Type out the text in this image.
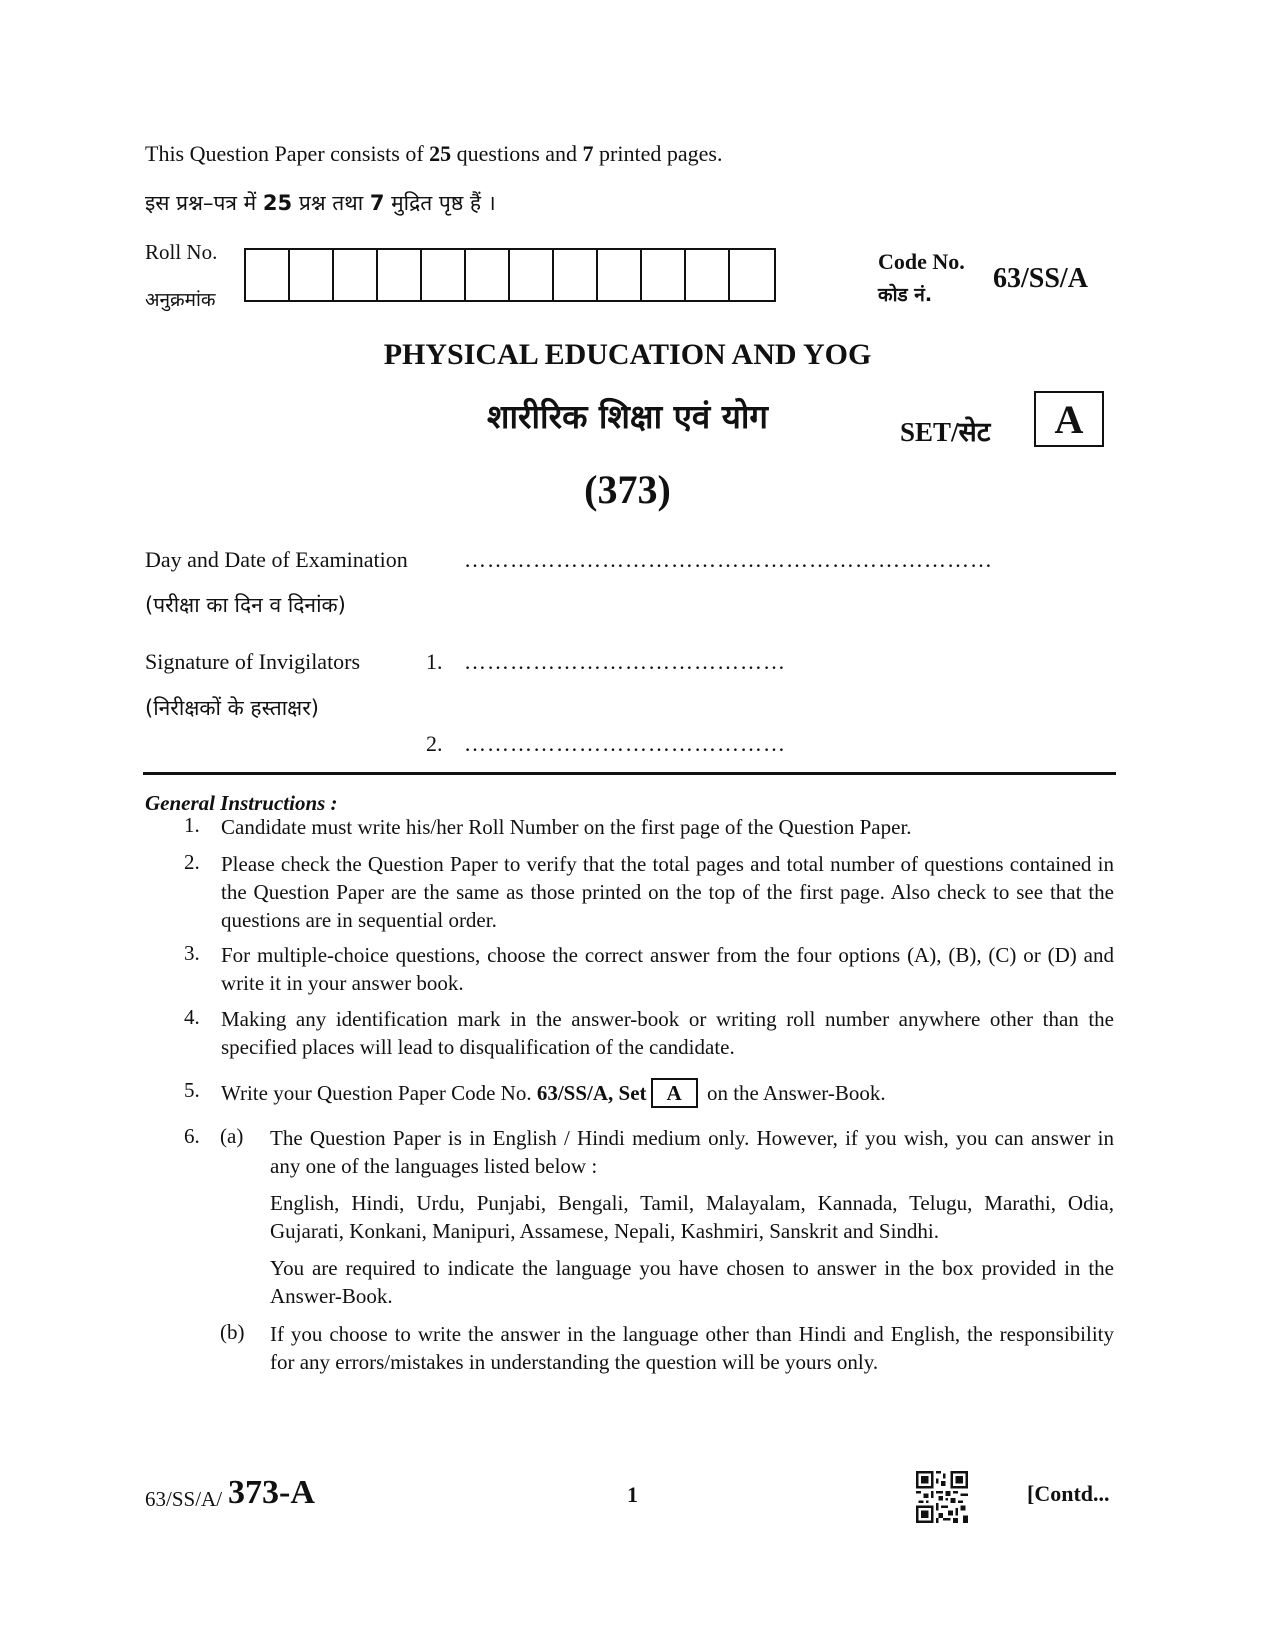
This Question Paper consists of 25 questions and 7 printed pages.
इस प्रश्न–पत्र में 25 प्रश्न तथा 7 मुद्रित पृष्ठ हैं ।
Roll No.
अनुक्रमांक
Code No.
कोड नं.
63/SS/A
PHYSICAL EDUCATION AND YOG
शारीरिक शिक्षा एवं योग	SET/सेट	A
(373)
Day and Date of Examination
(परीक्षा का दिन व दिनांक)
……………………………………………………………
Signature of Invigilators
(निरीक्षकों के हस्ताक्षर)
1. ……………………………………
2. ……………………………………
General Instructions :
1. Candidate must write his/her Roll Number on the first page of the Question Paper.
2. Please check the Question Paper to verify that the total pages and total number of questions contained in the Question Paper are the same as those printed on the top of the first page. Also check to see that the questions are in sequential order.
3. For multiple-choice questions, choose the correct answer from the four options (A), (B), (C) or (D) and write it in your answer book.
4. Making any identification mark in the answer-book or writing roll number anywhere other than the specified places will lead to disqualification of the candidate.
5. Write your Question Paper Code No. 63/SS/A, Set A on the Answer-Book.
6. (a) The Question Paper is in English / Hindi medium only. However, if you wish, you can answer in any one of the languages listed below :
English, Hindi, Urdu, Punjabi, Bengali, Tamil, Malayalam, Kannada, Telugu, Marathi, Odia, Gujarati, Konkani, Manipuri, Assamese, Nepali, Kashmiri, Sanskrit and Sindhi.
You are required to indicate the language you have chosen to answer in the box provided in the Answer-Book.
(b) If you choose to write the answer in the language other than Hindi and English, the responsibility for any errors/mistakes in understanding the question will be yours only.
63/SS/A/ 373-A	1	[Contd...
